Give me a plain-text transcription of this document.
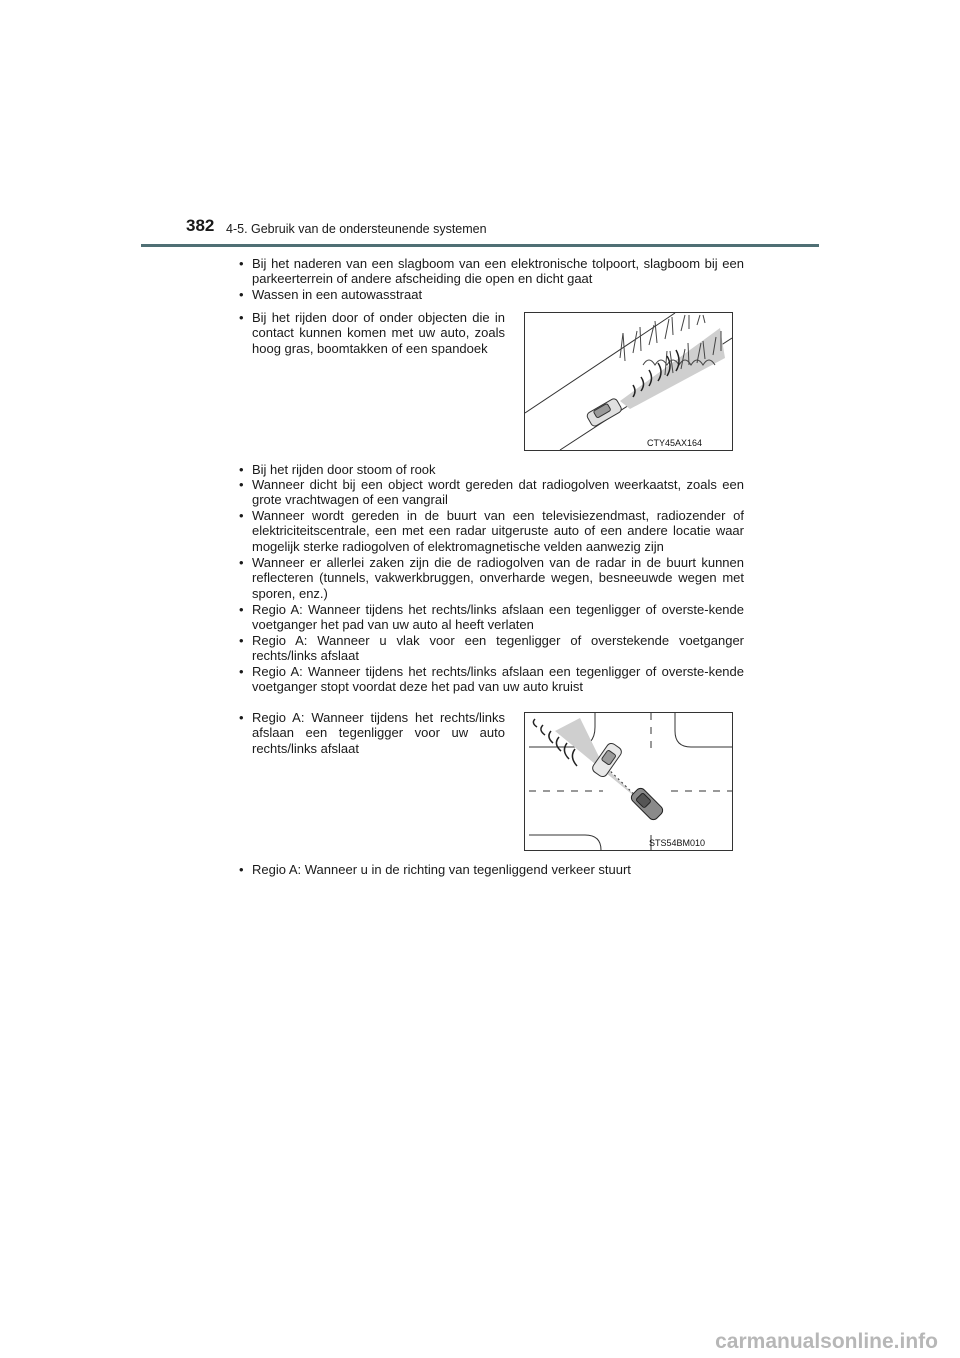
382 4-5. Gebruik van de ondersteunende systemen
• Bij het naderen van een slagboom van een elektronische tolpoort, slagboom bij een parkeerterrein of andere afscheiding die open en dicht gaat
• Wassen in een autowasstraat
• Bij het rijden door of onder objecten die in contact kunnen komen met uw auto, zoals hoog gras, boomtakken of een spandoek
CTY45AX164
• Bij het rijden door stoom of rook
• Wanneer dicht bij een object wordt gereden dat radiogolven weerkaatst, zoals een grote vrachtwagen of een vangrail
• Wanneer wordt gereden in de buurt van een televisiezendmast, radiozender of elektriciteitscentrale, een met een radar uitgeruste auto of een andere locatie waar mogelijk sterke radiogolven of elektromagnetische velden aanwezig zijn
• Wanneer er allerlei zaken zijn die de radiogolven van de radar in de buurt kunnen reflecteren (tunnels, vakwerkbruggen, onverharde wegen, besneeuwde wegen met sporen, enz.)
• Regio A: Wanneer tijdens het rechts/links afslaan een tegenligger of overste-kende voetganger het pad van uw auto al heeft verlaten
• Regio A: Wanneer u vlak voor een tegenligger of overstekende voetganger rechts/links afslaat
• Regio A: Wanneer tijdens het rechts/links afslaan een tegenligger of overste-kende voetganger stopt voordat deze het pad van uw auto kruist
• Regio A: Wanneer tijdens het rechts/links afslaan een tegenligger voor uw auto rechts/links afslaat
STS54BM010
• Regio A: Wanneer u in de richting van tegenliggend verkeer stuurt
carmanualsonline.info
